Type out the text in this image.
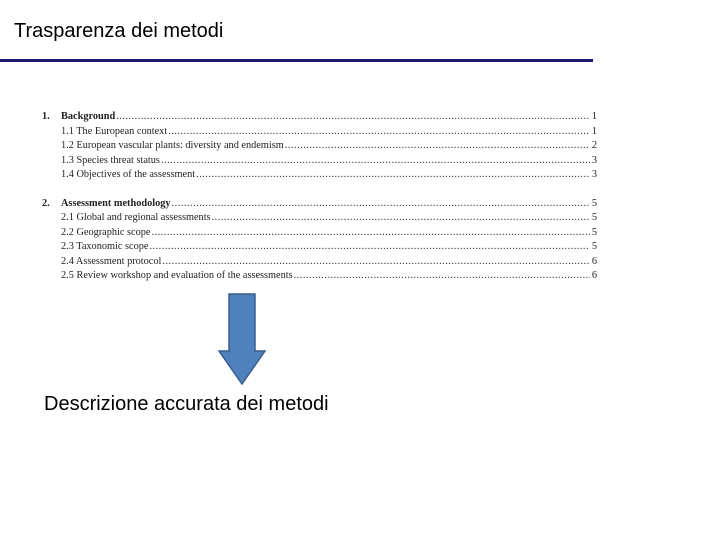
Trasparenza dei metodi
1.	Background .....	1
1.1 The European context .....	1
1.2 European vascular plants: diversity and endemism .....	2
1.3 Species threat status .....	3
1.4 Objectives of the assessment .....	3
2.	Assessment methodology .....	5
2.1 Global and regional assessments .....	5
2.2 Geographic scope .....	5
2.3 Taxonomic scope .....	5
2.4 Assessment protocol .....	6
2.5 Review workshop and evaluation of the assessments .....	6
Descrizione accurata dei metodi
